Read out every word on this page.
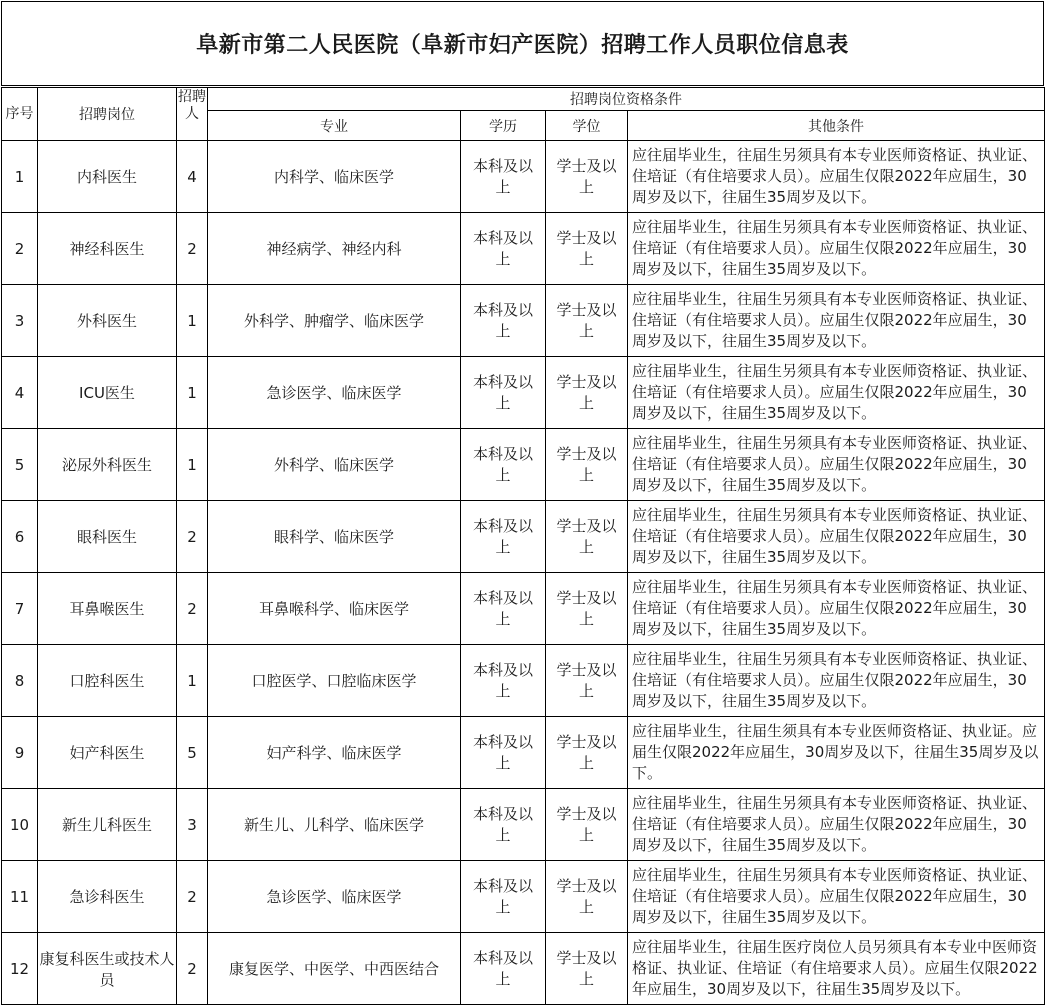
阜新市第二人民医院（阜新市妇产医院）招聘工作人员职位信息表
序号	招聘岗位	招聘人	招聘岗位资格条件			
			专业	学历	学位	其他条件
1	内科医生	4	内科学、临床医学	本科及以上	学士及以上	应往届毕业生，往届生另须具有本专业医师资格证、执业证、住培证（有住培要求人员）。应届生仅限2022年应届生，30周岁及以下，往届生35周岁及以下。
2	神经科医生	2	神经病学、神经内科	本科及以上	学士及以上	应往届毕业生，往届生另须具有本专业医师资格证、执业证、住培证（有住培要求人员）。应届生仅限2022年应届生，30周岁及以下，往届生35周岁及以下。
3	外科医生	1	外科学、肿瘤学、临床医学	本科及以上	学士及以上	应往届毕业生，往届生另须具有本专业医师资格证、执业证、住培证（有住培要求人员）。应届生仅限2022年应届生，30周岁及以下，往届生35周岁及以下。
4	ICU医生	1	急诊医学、临床医学	本科及以上	学士及以上	应往届毕业生，往届生另须具有本专业医师资格证、执业证、住培证（有住培要求人员）。应届生仅限2022年应届生，30周岁及以下，往届生35周岁及以下。
5	泌尿外科医生	1	外科学、临床医学	本科及以上	学士及以上	应往届毕业生，往届生另须具有本专业医师资格证、执业证、住培证（有住培要求人员）。应届生仅限2022年应届生，30周岁及以下，往届生35周岁及以下。
6	眼科医生	2	眼科学、临床医学	本科及以上	学士及以上	应往届毕业生，往届生另须具有本专业医师资格证、执业证、住培证（有住培要求人员）。应届生仅限2022年应届生，30周岁及以下，往届生35周岁及以下。
7	耳鼻喉医生	2	耳鼻喉科学、临床医学	本科及以上	学士及以上	应往届毕业生，往届生另须具有本专业医师资格证、执业证、住培证（有住培要求人员）。应届生仅限2022年应届生，30周岁及以下，往届生35周岁及以下。
8	口腔科医生	1	口腔医学、口腔临床医学	本科及以上	学士及以上	应往届毕业生，往届生另须具有本专业医师资格证、执业证、住培证（有住培要求人员）。应届生仅限2022年应届生，30周岁及以下，往届生35周岁及以下。
9	妇产科医生	5	妇产科学、临床医学	本科及以上	学士及以上	应往届毕业生，往届生须具有本专业医师资格证、执业证。应届生仅限2022年应届生，30周岁及以下，往届生35周岁及以下。
10	新生儿科医生	3	新生儿、儿科学、临床医学	本科及以上	学士及以上	应往届毕业生，往届生另须具有本专业医师资格证、执业证、住培证（有住培要求人员）。应届生仅限2022年应届生，30周岁及以下，往届生35周岁及以下。
11	急诊科医生	2	急诊医学、临床医学	本科及以上	学士及以上	应往届毕业生，往届生另须具有本专业医师资格证、执业证、住培证（有住培要求人员）。应届生仅限2022年应届生，30周岁及以下，往届生35周岁及以下。
12	康复科医生或技术人员	2	康复医学、中医学、中西医结合	本科及以上	学士及以上	应往届毕业生，往届生医疗岗位人员另须具有本专业中医师资格证、执业证、住培证（有住培要求人员）。应届生仅限2022年应届生，30周岁及以下，往届生35周岁及以下。
